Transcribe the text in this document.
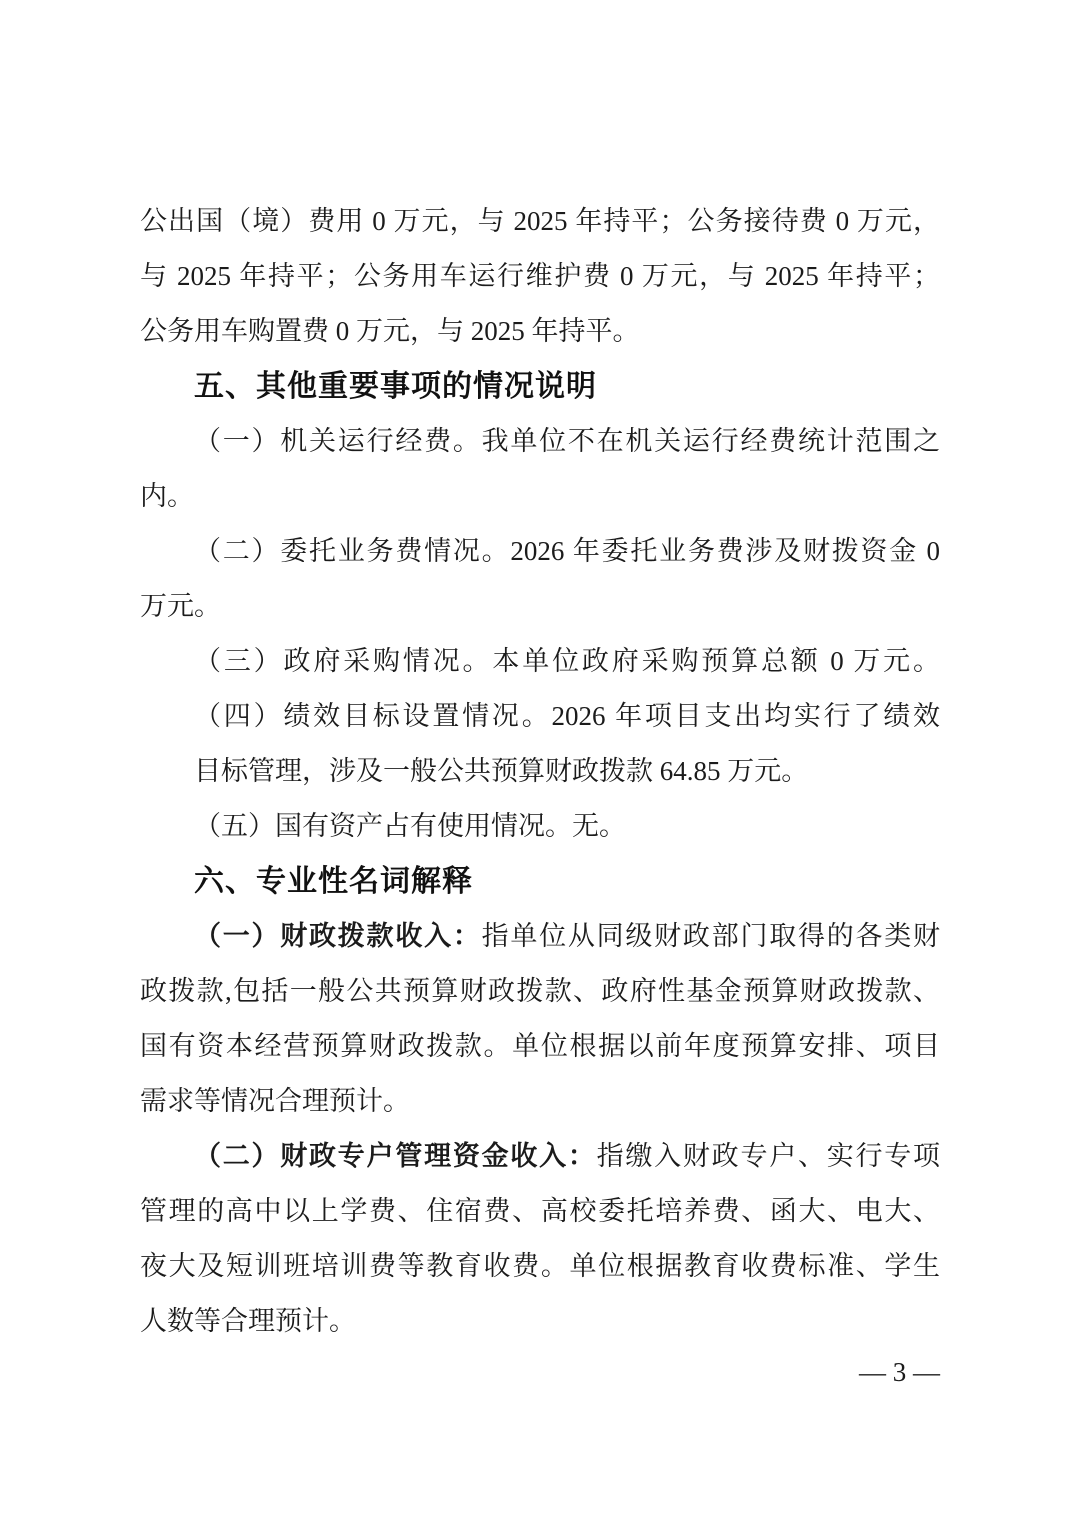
公出国（境）费用 0 万元，与 2025 年持平；公务接待费 0 万元，
与 2025 年持平；公务用车运行维护费 0 万元，与 2025 年持平；
公务用车购置费 0 万元，与 2025 年持平。
五、其他重要事项的情况说明
（一）机关运行经费。我单位不在机关运行经费统计范围之
内。
（二）委托业务费情况。2026 年委托业务费涉及财拨资金 0
万元。
（三）政府采购情况。本单位政府采购预算总额 0 万元。
（四）绩效目标设置情况。2026 年项目支出均实行了绩效
目标管理，涉及一般公共预算财政拨款 64.85 万元。
（五）国有资产占有使用情况。无。
六、专业性名词解释
（一）财政拨款收入：指单位从同级财政部门取得的各类财
政拨款,包括一般公共预算财政拨款、政府性基金预算财政拨款、
国有资本经营预算财政拨款。单位根据以前年度预算安排、项目
需求等情况合理预计。
（二）财政专户管理资金收入：指缴入财政专户、实行专项
管理的高中以上学费、住宿费、高校委托培养费、函大、电大、
夜大及短训班培训费等教育收费。单位根据教育收费标准、学生
人数等合理预计。
— 3 —
